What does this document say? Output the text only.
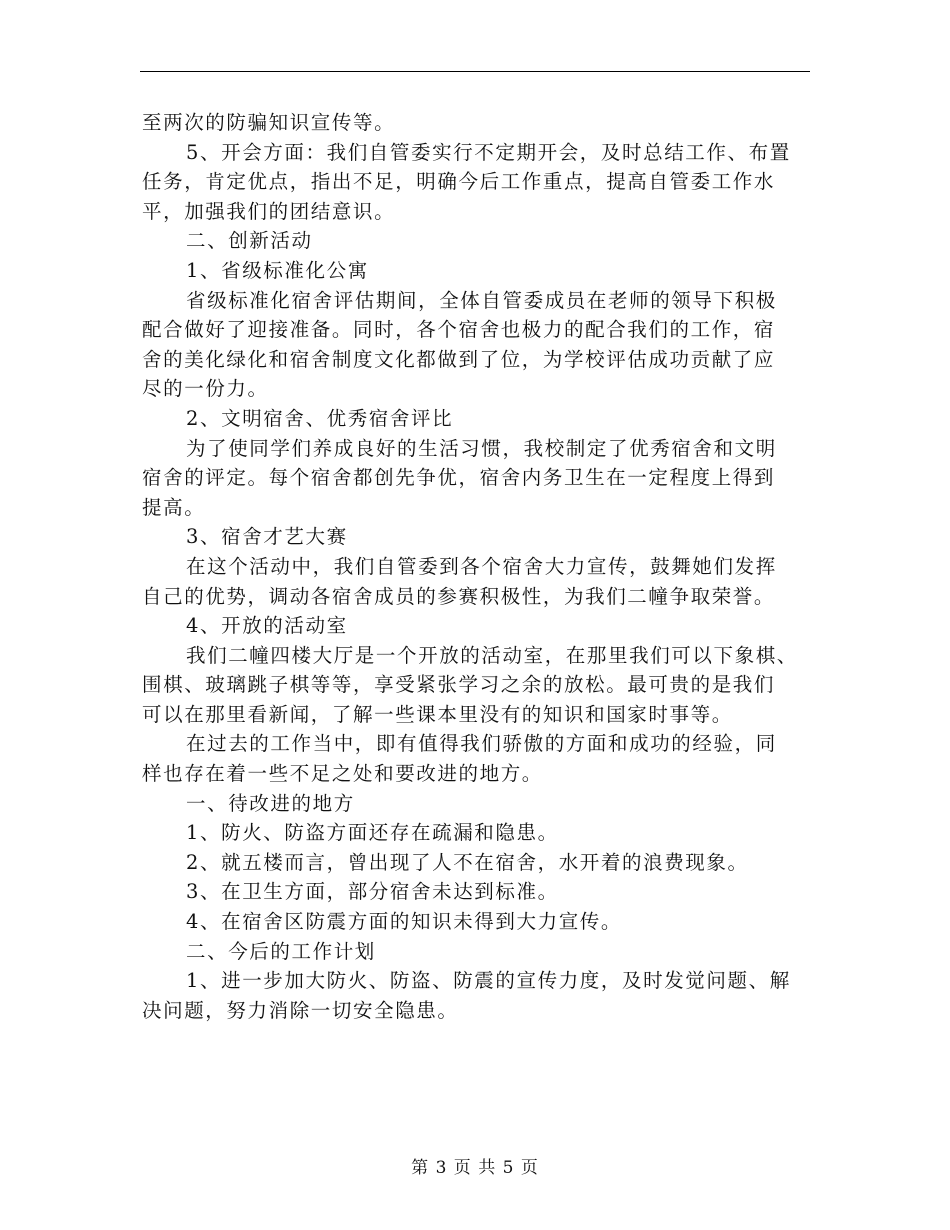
至两次的防骗知识宣传等。
5、开会方面：我们自管委实行不定期开会，及时总结工作、布置
任务，肯定优点，指出不足，明确今后工作重点，提高自管委工作水
平，加强我们的团结意识。
二、创新活动
1、省级标准化公寓
省级标准化宿舍评估期间，全体自管委成员在老师的领导下积极
配合做好了迎接准备。同时，各个宿舍也极力的配合我们的工作，宿
舍的美化绿化和宿舍制度文化都做到了位，为学校评估成功贡献了应
尽的一份力。
2、文明宿舍、优秀宿舍评比
为了使同学们养成良好的生活习惯，我校制定了优秀宿舍和文明
宿舍的评定。每个宿舍都创先争优，宿舍内务卫生在一定程度上得到
提高。
3、宿舍才艺大赛
在这个活动中，我们自管委到各个宿舍大力宣传，鼓舞她们发挥
自己的优势，调动各宿舍成员的参赛积极性，为我们二幢争取荣誉。
4、开放的活动室
我们二幢四楼大厅是一个开放的活动室，在那里我们可以下象棋、
围棋、玻璃跳子棋等等，享受紧张学习之余的放松。最可贵的是我们
可以在那里看新闻，了解一些课本里没有的知识和国家时事等。
在过去的工作当中，即有值得我们骄傲的方面和成功的经验，同
样也存在着一些不足之处和要改进的地方。
一、待改进的地方
1、防火、防盗方面还存在疏漏和隐患。
2、就五楼而言，曾出现了人不在宿舍，水开着的浪费现象。
3、在卫生方面，部分宿舍未达到标准。
4、在宿舍区防震方面的知识未得到大力宣传。
二、今后的工作计划
1、进一步加大防火、防盗、防震的宣传力度，及时发觉问题、解
决问题，努力消除一切安全隐患。
第 3 页 共 5 页
